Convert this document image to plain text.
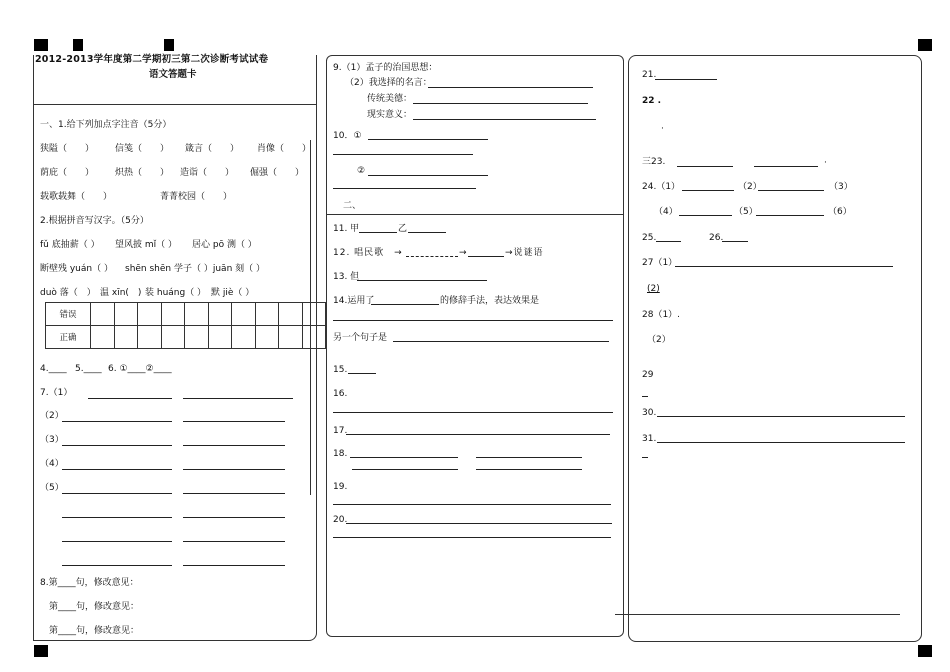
2012-2013学年度第二学期初三第二次诊断考试试卷
语文答题卡
一、1.给下列加点字注音（5分）
狭隘（　　） 信笺（　　） 箴言（　　） 肖像（　　）
荫庇（　　） 炽热（　　） 造诣（　　） 倔强（　　）
载歌载舞（　　）	菁菁校园（　　）
2.根据拼音写汉字。（5分）
fǔ 底抽薪（ ） 望风披 mǐ（ ） 居心 pō 测（ ）
断壁残 yuán（ ） shēn shēn 学子（ ）juān 刻（ ）
duò 落（　） 温 xīn(　) 装 huáng（ ） 默 jiè（ ）
错误										
正确										
4.____ 5.____ 6. ①____②____
7.（1）
（2）
（3）
（4）
（5）
8.第____句，修改意见：
第____句，修改意见：
第____句，修改意见：
9.（1）孟子的治国思想：
（2）我选择的名言：
传统美德：
现实意义：
10．①
②
二、
11. 甲	乙
12. 唱民歌　→	→	→说谜语
13. 但
14.运用了	的修辞手法，表达效果是
另一个句子是
15.
16.
17.
18.
19.
20.
21.
22 .
·
三23.	·
24.（1）	（2）	（3）
（4）	（5）	（6）
25.	26.
27（1）
(2)
28（1）.
（2）
29
30.
31.
